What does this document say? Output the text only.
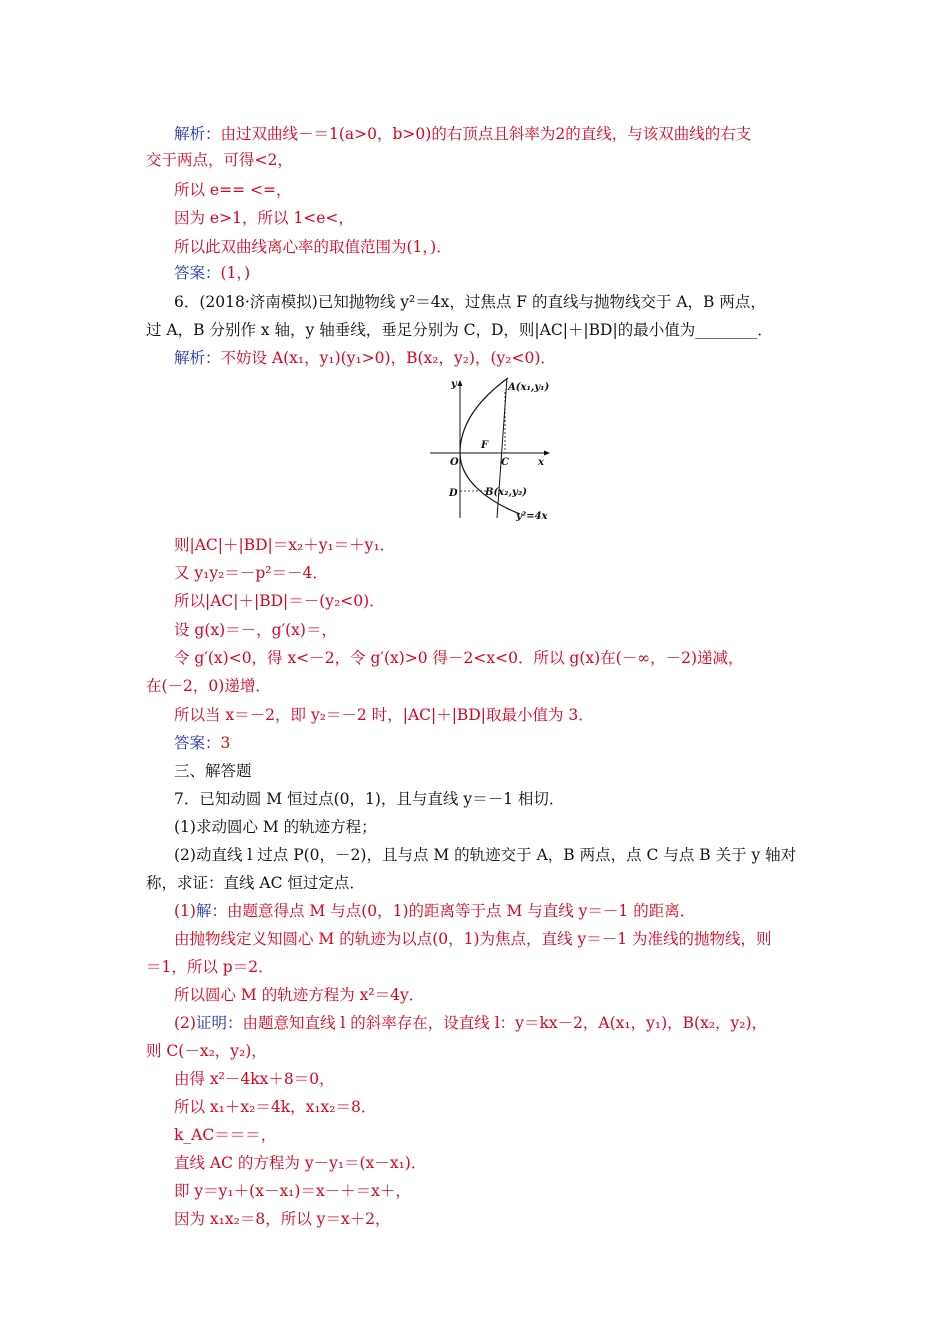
解析：由过双曲线－＝1(a>0，b>0)的右顶点且斜率为2的直线，与该双曲线的右支
交于两点，可得<2，
所以 e== <=，
因为 e>1，所以 1<e<，
所以此双曲线离心率的取值范围为(1，)．
答案：(1，)
6．(2018·济南模拟)已知抛物线 y²＝4x，过焦点 F 的直线与抛物线交于 A，B 两点，
过 A，B 分别作 x 轴，y 轴垂线，垂足分别为 C，D，则|AC|＋|BD|的最小值为________．
解析：不妨设 A(x₁，y₁)(y₁>0)，B(x₂，y₂)，(y₂<0)．
则|AC|＋|BD|＝x₂＋y₁＝＋y₁．
又 y₁y₂＝－p²＝－4．
所以|AC|＋|BD|＝－(y₂<0)．
设 g(x)＝－，g′(x)＝，
令 g′(x)<0，得 x<－2，令 g′(x)>0 得－2<x<0．所以 g(x)在(－∞，－2)递减，
在(－2，0)递增．
所以当 x＝－2，即 y₂＝－2 时，|AC|＋|BD|取最小值为 3．
答案：3
三、解答题
7．已知动圆 M 恒过点(0，1)，且与直线 y＝－1 相切．
(1)求动圆心 M 的轨迹方程；
(2)动直线 l 过点 P(0，－2)，且与点 M 的轨迹交于 A，B 两点，点 C 与点 B 关于 y 轴对
称，求证：直线 AC 恒过定点．
(1)解：由题意得点 M 与点(0，1)的距离等于点 M 与直线 y＝－1 的距离．
由抛物线定义知圆心 M 的轨迹为以点(0，1)为焦点，直线 y＝－1 为准线的抛物线，则
＝1，所以 p＝2．
所以圆心 M 的轨迹方程为 x²＝4y．
(2)证明：由题意知直线 l 的斜率存在，设直线 l：y＝kx－2，A(x₁，y₁)，B(x₂，y₂)，
则 C(－x₂，y₂)，
由得 x²－4kx＋8＝0，
所以 x₁＋x₂＝4k，x₁x₂＝8．
k_AC＝＝＝，
直线 AC 的方程为 y－y₁＝(x－x₁)．
即 y＝y₁＋(x－x₁)＝x－＋＝x＋，
因为 x₁x₂＝8，所以 y＝x＋2，
y
x
O
F
C
D
A(x₁,y₁)
B(x₂,y₂)
y²=4x
